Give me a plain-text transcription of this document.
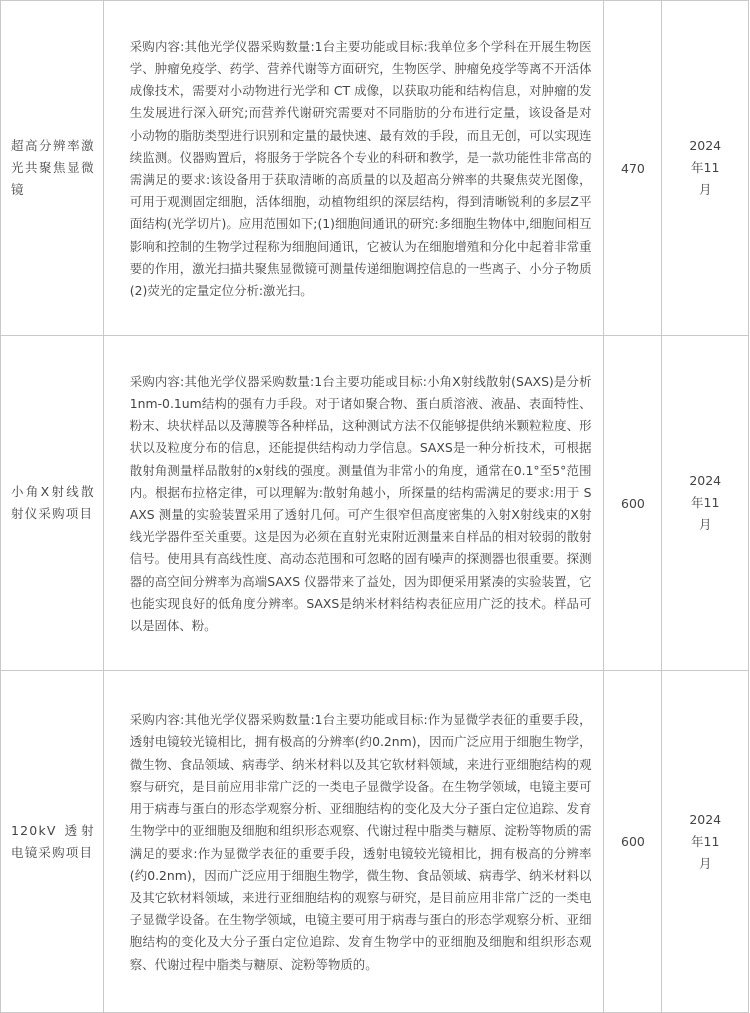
超高分辨率激光共聚焦显微镜	采购内容:其他光学仪器采购数量:1台主要功能或目标:我单位多个学科在开展生物医学、肿瘤免疫学、药学、营养代谢等方面研究，生物医学、肿瘤免疫学等离不开活体成像技术，需要对小动物进行光学和 CT 成像，以获取功能和结构信息，对肿瘤的发生发展进行深入研究;而营养代谢研究需要对不同脂肪的分布进行定量，该设备是对小动物的脂肪类型进行识别和定量的最快速、最有效的手段，而且无创，可以实现连续监测。仪器购置后，将服务于学院各个专业的科研和教学，是一款功能性非常高的需满足的要求:该设备用于获取清晰的高质量的以及超高分辨率的共聚焦荧光图像，可用于观测固定细胞，活体细胞，动植物组织的深层结构，得到清晰锐利的多层Z平面结构(光学切片)。应用范围如下;(1)细胞间通讯的研究:多细胞生物体中,细胞间相互影响和控制的生物学过程称为细胞间通讯，它被认为在细胞增殖和分化中起着非常重要的作用，激光扫描共聚焦显微镜可测量传递细胞调控信息的一些离子、小分子物质(2)荧光的定量定位分析:激光扫。	470	2024年11月

小角X射线散射仪采购项目	采购内容:其他光学仪器采购数量:1台主要功能或目标:小角X射线散射(SAXS)是分析1nm-0.1um结构的强有力手段。对于诸如聚合物、蛋白质溶液、液晶、表面特性、粉末、块状样品以及薄膜等各种样品，这种测试方法不仅能够提供纳米颗粒粒度、形状以及粒度分布的信息，还能提供结构动力学信息。SAXS是一种分析技术，可根据散射角测量样品散射的x射线的强度。测量值为非常小的角度，通常在0.1°至5°范围内。根据布拉格定律，可以理解为:散射角越小，所探量的结构需满足的要求:用于 SAXS 测量的实验装置采用了透射几何。可产生很窄但高度密集的入射X射线束的X射线光学器件至关重要。这是因为必须在直射光束附近测量来自样品的相对较弱的散射信号。使用具有高线性度、高动态范围和可忽略的固有噪声的探测器也很重要。探测器的高空间分辨率为高端SAXS 仪器带来了益处，因为即便采用紧凑的实验装置，它也能实现良好的低角度分辨率。SAXS是纳米材料结构表征应用广泛的技术。样品可以是固体、粉。	600	2024年11月

120kV 透射电镜采购项目	采购内容:其他光学仪器采购数量:1台主要功能或目标:作为显微学表征的重要手段，透射电镜较光镜相比，拥有极高的分辨率(约0.2nm)，因而广泛应用于细胞生物学，微生物、食品领域、病毒学、纳米材料以及其它软材料领域，来进行亚细胞结构的观察与研究，是目前应用非常广泛的一类电子显微学设备。在生物学领域，电镜主要可用于病毒与蛋白的形态学观察分析、亚细胞结构的变化及大分子蛋白定位追踪、发育生物学中的亚细胞及细胞和组织形态观察、代谢过程中脂类与糖原、淀粉等物质的需满足的要求:作为显微学表征的重要手段，透射电镜较光镜相比，拥有极高的分辨率(约0.2nm)，因而广泛应用于细胞生物学，微生物、食品领域、病毒学、纳米材料以及其它软材料领域，来进行亚细胞结构的观察与研究，是目前应用非常广泛的一类电子显微学设备。在生物学领域，电镜主要可用于病毒与蛋白的形态学观察分析、亚细胞结构的变化及大分子蛋白定位追踪、发育生物学中的亚细胞及细胞和组织形态观察、代谢过程中脂类与糖原、淀粉等物质的。	600	2024年11月
